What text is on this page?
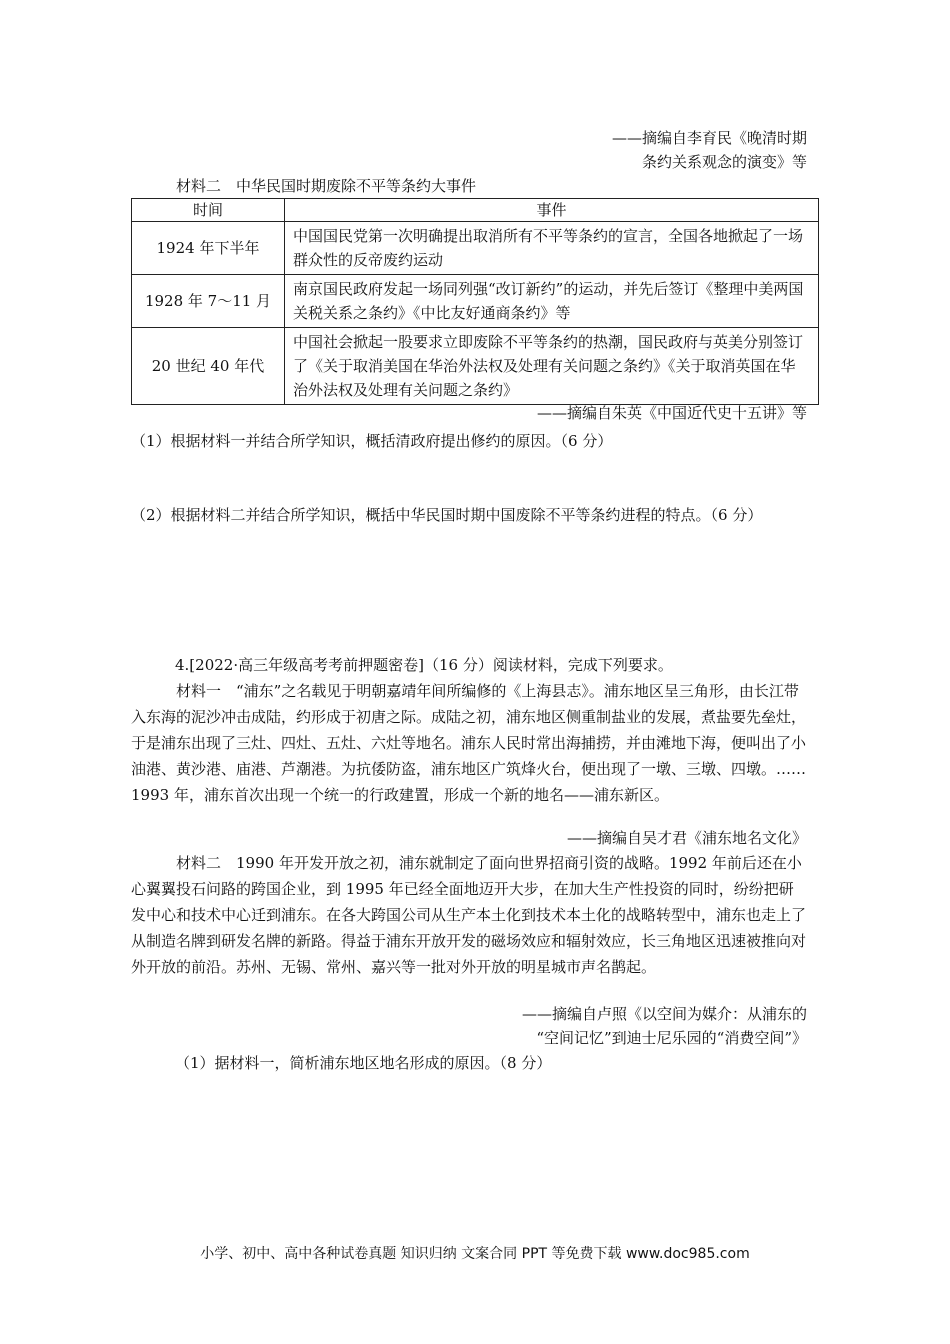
——摘编自李育民《晚清时期
条约关系观念的演变》等
材料二　中华民国时期废除不平等条约大事件
时间	事件
1924 年下半年	中国国民党第一次明确提出取消所有不平等条约的宣言，全国各地掀起了一场群众性的反帝废约运动
1928 年 7～11 月	南京国民政府发起一场同列强“改订新约”的运动，并先后签订《整理中美两国关税关系之条约》《中比友好通商条约》等
20 世纪 40 年代	中国社会掀起一股要求立即废除不平等条约的热潮，国民政府与英美分别签订了《关于取消美国在华治外法权及处理有关问题之条约》《关于取消英国在华治外法权及处理有关问题之条约》
——摘编自朱英《中国近代史十五讲》等
（1）根据材料一并结合所学知识，概括清政府提出修约的原因。（6 分）
（2）根据材料二并结合所学知识，概括中华民国时期中国废除不平等条约进程的特点。（6 分）
4.[2022·高三年级高考考前押题密卷]（16 分）阅读材料，完成下列要求。
材料一　“浦东”之名载见于明朝嘉靖年间所编修的《上海县志》。浦东地区呈三角形，由长江带入东海的泥沙冲击成陆，约形成于初唐之际。成陆之初，浦东地区侧重制盐业的发展，煮盐要先垒灶，于是浦东出现了三灶、四灶、五灶、六灶等地名。浦东人民时常出海捕捞，并由滩地下海，便叫出了小油港、黄沙港、庙港、芦潮港。为抗倭防盗，浦东地区广筑烽火台，便出现了一墩、三墩、四墩。……1993 年，浦东首次出现一个统一的行政建置，形成一个新的地名——浦东新区。
——摘编自吴才君《浦东地名文化》
材料二　1990 年开发开放之初，浦东就制定了面向世界招商引资的战略。1992 年前后还在小心翼翼投石问路的跨国企业，到 1995 年已经全面地迈开大步，在加大生产性投资的同时，纷纷把研发中心和技术中心迁到浦东。在各大跨国公司从生产本土化到技术本土化的战略转型中，浦东也走上了从制造名牌到研发名牌的新路。得益于浦东开放开发的磁场效应和辐射效应，长三角地区迅速被推向对外开放的前沿。苏州、无锡、常州、嘉兴等一批对外开放的明星城市声名鹊起。
——摘编自卢照《以空间为媒介：从浦东的
“空间记忆”到迪士尼乐园的“消费空间”》
（1）据材料一，简析浦东地区地名形成的原因。（8 分）
小学、初中、高中各种试卷真题 知识归纳 文案合同 PPT 等免费下载 www.doc985.com
